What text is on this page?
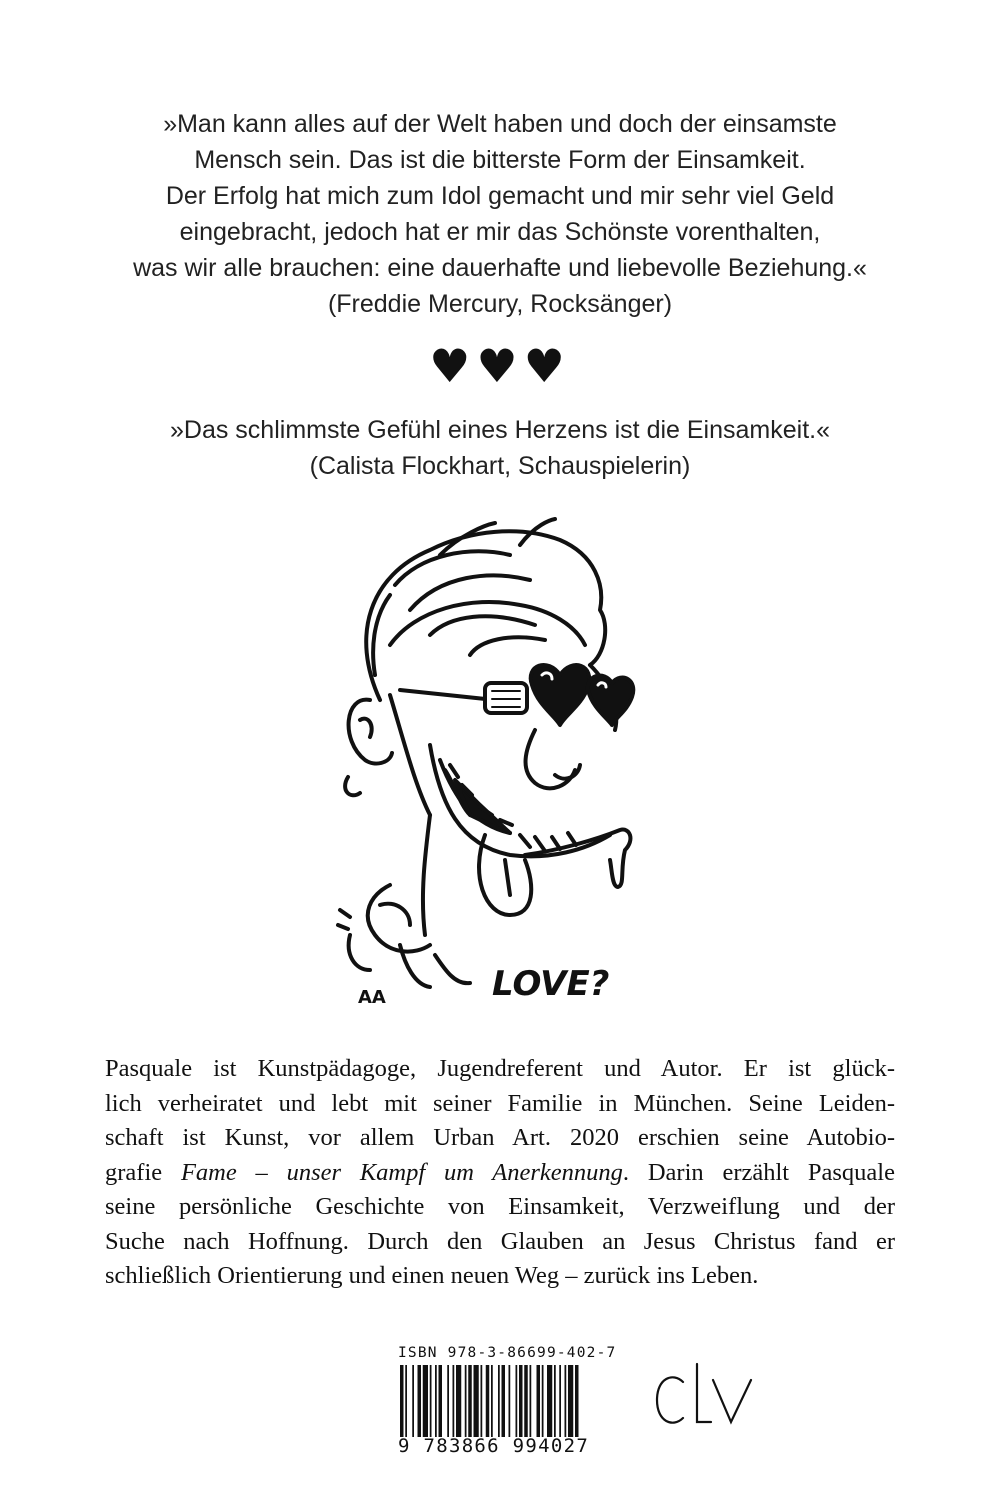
»Man kann alles auf der Welt haben und doch der einsamste
Mensch sein. Das ist die bitterste Form der Einsamkeit.
Der Erfolg hat mich zum Idol gemacht und mir sehr viel Geld
eingebracht, jedoch hat er mir das Schönste vorenthalten,
was wir alle brauchen: eine dauerhafte und liebevolle Beziehung.«
(Freddie Mercury, Rocksänger)
♥♥♥
»Das schlimmste Gefühl eines Herzens ist die Einsamkeit.«
(Calista Flockhart, Schauspielerin)
AA	LOVE?
Pasquale ist Kunstpädagoge, Jugendreferent und Autor. Er ist glück-
lich verheiratet und lebt mit seiner Familie in München. Seine Leiden-
schaft ist Kunst, vor allem Urban Art. 2020 erschien seine Autobio-
grafie Fame – unser Kampf um Anerkennung. Darin erzählt Pasquale
seine persönliche Geschichte von Einsamkeit, Verzweiflung und der
Suche nach Hoffnung. Durch den Glauben an Jesus Christus fand er
schließlich Orientierung und einen neuen Weg – zurück ins Leben.
ISBN 978-3-86699-402-7
9 783866 994027
